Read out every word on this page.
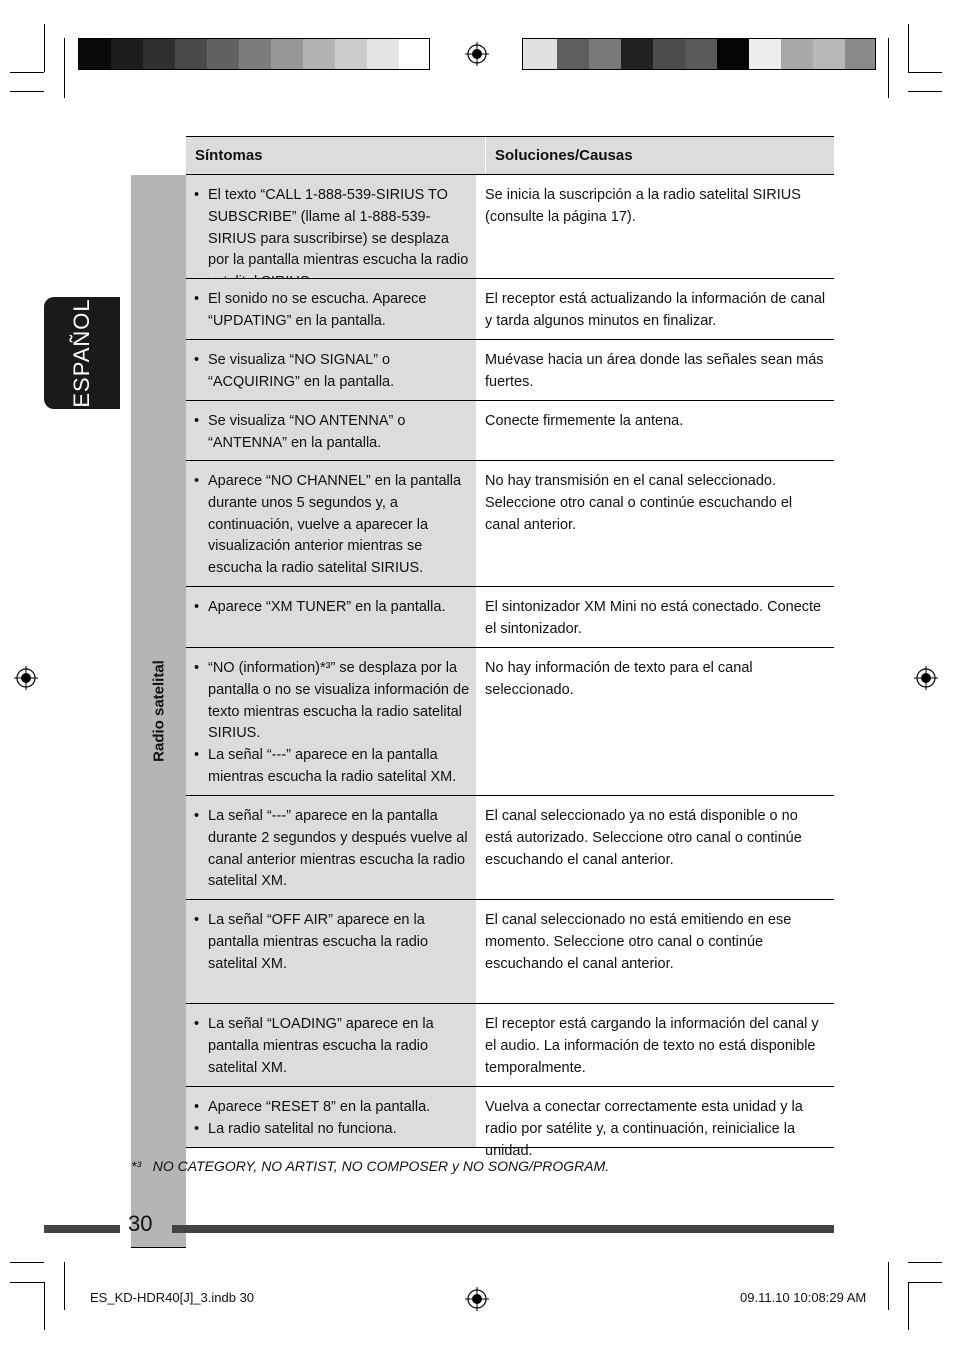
ESPAÑOL
Síntomas	Soluciones/Causas
Radio satelital
• El texto “CALL 1-888-539-SIRIUS TO SUBSCRIBE” (llame al 1-888-539-SIRIUS para suscribirse) se desplaza por la pantalla mientras escucha la radio
Se inicia la suscripción a la radio satelital SIRIUS (consulte la página 17).
• El sonido no se escucha. Aparece “UPDATING” en la pantalla.
El receptor está actualizando la información de canal y tarda algunos minutos en finalizar.
• Se visualiza “NO SIGNAL” o “ACQUIRING” en la pantalla.
Muévase hacia un área donde las señales sean más fuertes.
• Se visualiza “NO ANTENNA” o “ANTENNA” en la pantalla.
Conecte firmemente la antena.
• Aparece “NO CHANNEL” en la pantalla durante unos 5 segundos y, a continuación, vuelve a aparecer la visualización anterior mientras se escucha la radio satelital SIRIUS.
No hay transmisión en el canal seleccionado. Seleccione otro canal o continúe escuchando el canal anterior.
• Aparece “XM TUNER” en la pantalla.	El sintonizador XM Mini no está conectado. Conecte el sintonizador.
• “NO (information)*³” se desplaza por la pantalla o no se visualiza información de texto mientras escucha la radio satelital SIRIUS.
• La señal “---” aparece en la pantalla mientras escucha la radio satelital XM.
No hay información de texto para el canal seleccionado.
• La señal “---” aparece en la pantalla durante 2 segundos y después vuelve al canal anterior mientras escucha la radio satelital XM.
El canal seleccionado ya no está disponible o no está autorizado. Seleccione otro canal o continúe escuchando el canal anterior.
• La señal “OFF AIR” aparece en la pantalla mientras escucha la radio satelital XM.
El canal seleccionado no está emitiendo en ese momento. Seleccione otro canal o continúe escuchando el canal anterior.
• La señal “LOADING” aparece en la pantalla mientras escucha la radio satelital XM.
El receptor está cargando la información del canal y el audio. La información de texto no está disponible temporalmente.
• Aparece “RESET 8” en la pantalla.
• La radio satelital no funciona.
Vuelva a conectar correctamente esta unidad y la radio por satélite y, a continuación, reinicialice la unidad.
*³ NO CATEGORY, NO ARTIST, NO COMPOSER y NO SONG/PROGRAM.
30
ES_KD-HDR40[J]_3.indb 30	09.11.10 10:08:29 AM
